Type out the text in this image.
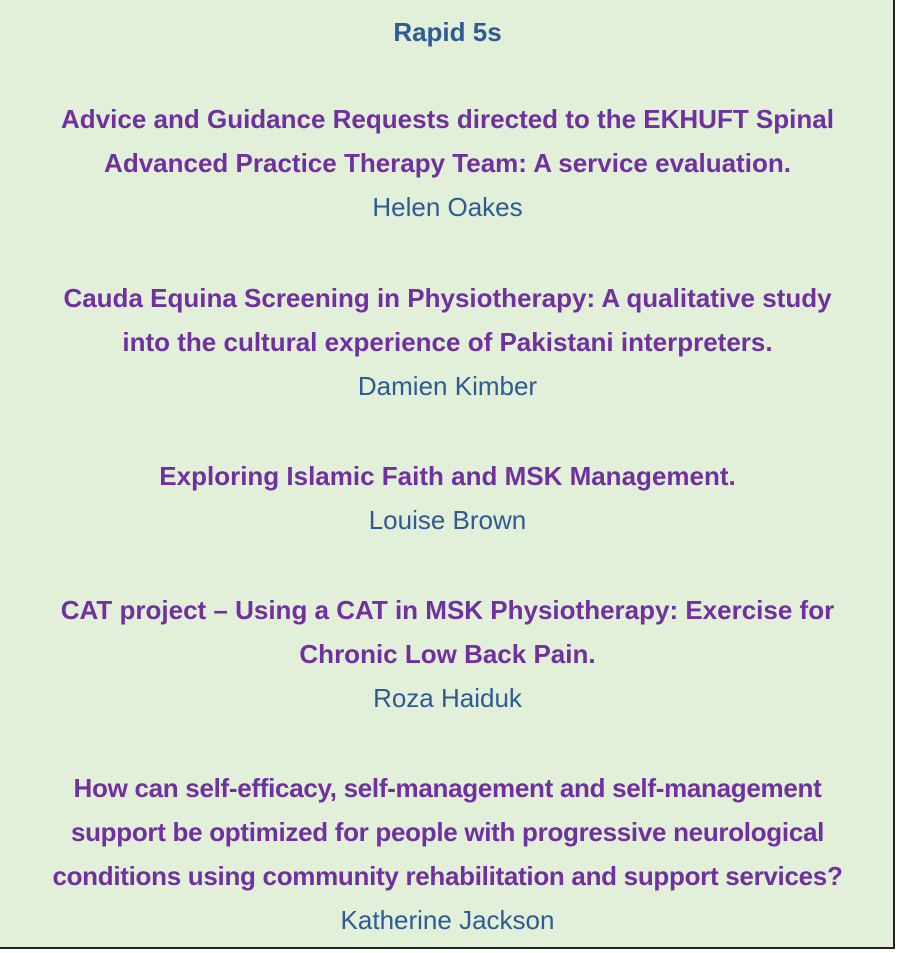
Rapid 5s
Advice and Guidance Requests directed to the EKHUFT Spinal
Advanced Practice Therapy Team: A service evaluation.
Helen Oakes
Cauda Equina Screening in Physiotherapy: A qualitative study
into the cultural experience of Pakistani interpreters.
Damien Kimber
Exploring Islamic Faith and MSK Management.
Louise Brown
CAT project – Using a CAT in MSK Physiotherapy: Exercise for
Chronic Low Back Pain.
Roza Haiduk
How can self-efficacy, self-management and self-management
support be optimized for people with progressive neurological
conditions using community rehabilitation and support services?
Katherine Jackson
